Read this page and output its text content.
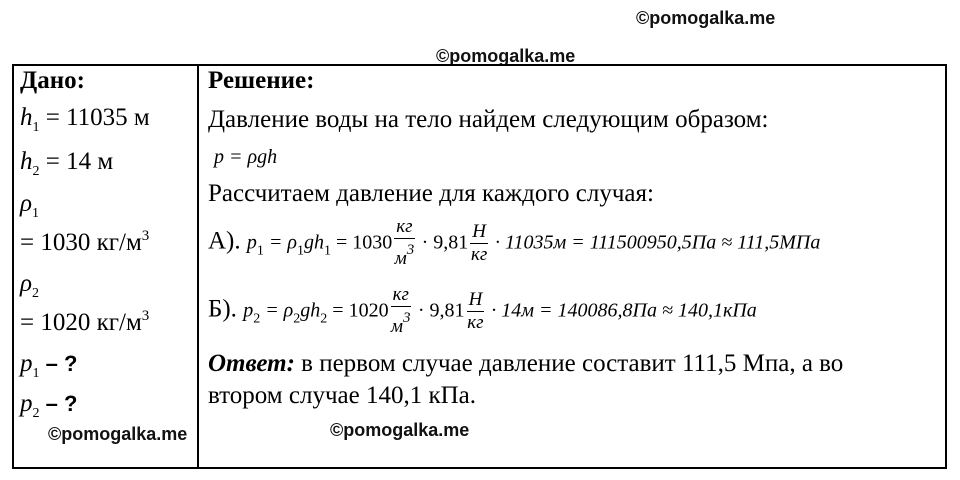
©pomogalka.me
©pomogalka.me
©pomogalka.me	©pomogalka.me
Дано:
$h_1 = 11035$ м
$h_2 = 14$ м
$\rho_1$
= 1030 $кг/м^3$
$\rho_2$
= 1020 $кг/м^3$
$p_1$ – ?
$p_2$ – ?
Решение:
Давление воды на тело найдем следующим образом:
p = ρgh
Рассчитаем давление для каждого случая:
А). $p_1 = \rho_1gh_1 = 1030 \frac{кг}{м^3} \cdot 9,81 \frac{Н}{кг} \cdot 11035м = 111500950,5Па \approx 111,5МПа$
Б). $p_2 = \rho_2gh_2 = 1020 \frac{кг}{м^3} \cdot 9,81 \frac{Н}{кг} \cdot 14м = 140086,8Па \approx 140,1кПа$
Ответ: в первом случае давление составит 111,5 Мпа, а во
втором случае 140,1 кПа.
